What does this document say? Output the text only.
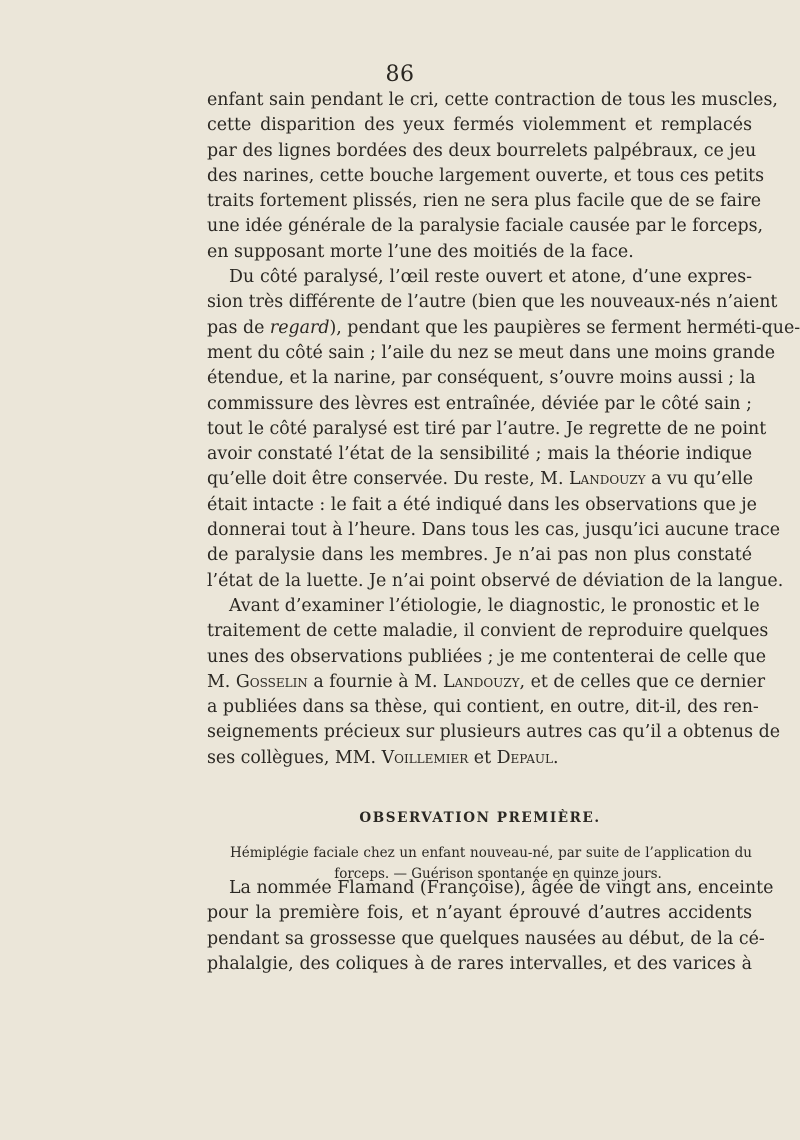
86
enfant sain pendant le cri, cette contraction de tous les muscles,
cette disparition des yeux fermés violemment et remplacés
par des lignes bordées des deux bourrelets palpébraux, ce jeu
des narines, cette bouche largement ouverte, et tous ces petits
traits fortement plissés, rien ne sera plus facile que de se faire
une idée générale de la paralysie faciale causée par le forceps,
en supposant morte l’une des moitiés de la face.
Du côté paralysé, l’œil reste ouvert et atone, d’une expres-
sion très différente de l’autre (bien que les nouveaux-nés n’aient
pas de regard), pendant que les paupières se ferment herméti-que-
ment du côté sain ; l’aile du nez se meut dans une moins grande
étendue, et la narine, par conséquent, s’ouvre moins aussi ; la
commissure des lèvres est entraînée, déviée par le côté sain ;
tout le côté paralysé est tiré par l’autre. Je regrette de ne point
avoir constaté l’état de la sensibilité ; mais la théorie indique
qu’elle doit être conservée. Du reste, M. Landouzy a vu qu’elle
était intacte : le fait a été indiqué dans les observations que je
donnerai tout à l’heure. Dans tous les cas, jusqu’ici aucune trace
de paralysie dans les membres. Je n’ai pas non plus constaté
l’état de la luette. Je n’ai point observé de déviation de la langue.
Avant d’examiner l’étiologie, le diagnostic, le pronostic et le
traitement de cette maladie, il convient de reproduire quelques
unes des observations publiées ; je me contenterai de celle que
M. Gosselin a fournie à M. Landouzy, et de celles que ce dernier
a publiées dans sa thèse, qui contient, en outre, dit-il, des ren-
seignements précieux sur plusieurs autres cas qu’il a obtenus de
ses collègues, MM. Voillemier et Depaul.
OBSERVATION PREMIÈRE.
Hémiplégie faciale chez un enfant nouveau-né, par suite de l’application du
forceps. — Guérison spontanée en quinze jours.
La nommée Flamand (Françoise), âgée de vingt ans, enceinte
pour la première fois, et n’ayant éprouvé d’autres accidents
pendant sa grossesse que quelques nausées au début, de la cé-
phalalgie, des coliques à de rares intervalles, et des varices à
